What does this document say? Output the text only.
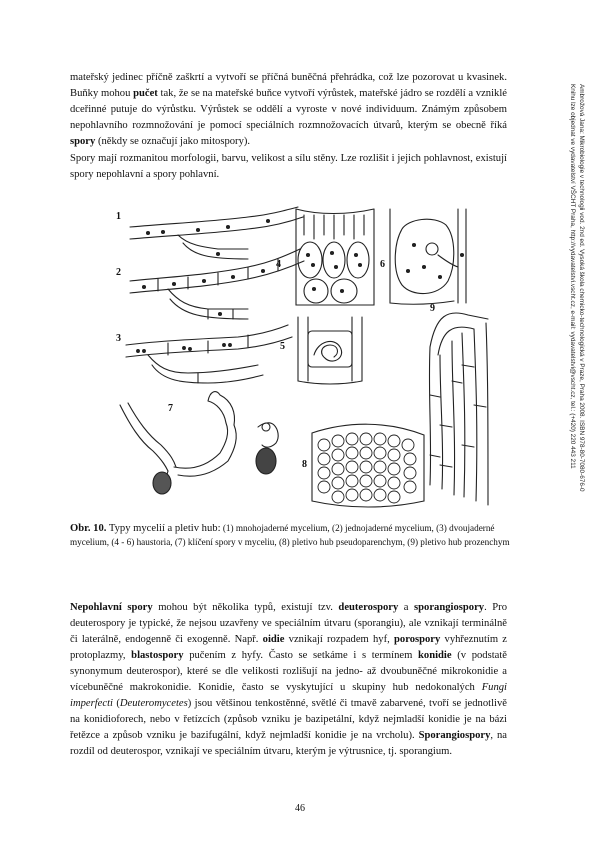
Ambrožová Jana: Mikrobiologie v technologii vod. 2nd ed. Vysoká škola chemicko-technologická v Praze, Praha 2008. ISBN 978-80-7080-676-0
Knihu lze objednat ve vydavatelství VŠCHT Praha, http://vydavatelstvi.vscht.cz, e-mail: vydavatelstvi@vscht.cz, tel.: (+420) 220 443 211

mateřský jedinec příčně zaškrtí a vytvoří se příčná buněčná přehrádka, což lze pozorovat u kvasinek. Buňky mohou pučet tak, že se na mateřské buňce vytvoří výrůstek, mateřské jádro se rozdělí a vzniklé dceřinné putuje do výrůstku. Výrůstek se oddělí a vyroste v nové individuum. Známým způsobem nepohlavního rozmnožování je pomocí speciálních rozmnožovacích útvarů, kterým se obecně říká spory (někdy se označují jako mitospory).

Spory mají rozmanitou morfologii, barvu, velikost a sílu stěny. Lze rozlišit i jejich pohlavnost, existují spory nepohlavní a spory pohlavní.

1
2
3
4
5
6
7
8
9

Obr. 10. Typy mycelií a pletiv hub: (1) mnohojaderné mycelium, (2) jednojaderné mycelium, (3) dvoujaderné mycelium, (4 - 6) haustoria, (7) klíčení spory v myceliu, (8) pletivo hub pseudoparenchym, (9) pletivo hub prozenchym

Nepohlavní spory mohou být několika typů, existují tzv. deuterospory a sporangiospory. Pro deuterospory je typické, že nejsou uzavřeny ve speciálním útvaru (sporangiu), ale vznikají terminálně či laterálně, endogenně či exogenně. Např. oidie vznikají rozpadem hyf, porospory vyhřeznutím z protoplazmy, blastospory pučením z hyfy. Často se setkáme i s termínem konidie (v podstatě synonymum deuterospor), které se dle velikosti rozlišují na jedno- až dvoubuněčné mikrokonidie a vícebuněčné makrokonidie. Konidie, často se vyskytující u skupiny hub nedokonalých Fungi imperfecti (Deuteromycetes) jsou většinou tenkostěnné, světlé či tmavě zabarvené, tvoří se jednotlivě na konidioforech, nebo v řetízcích (způsob vzniku je bazipetální, když nejmladší konidie je na bázi řetězce a způsob vzniku je bazifugální, když nejmladší konidie je na vrcholu). Sporangiospory, na rozdíl od deuterospor, vznikají ve speciálním útvaru, kterým je výtrusnice, tj. sporangium.

46
